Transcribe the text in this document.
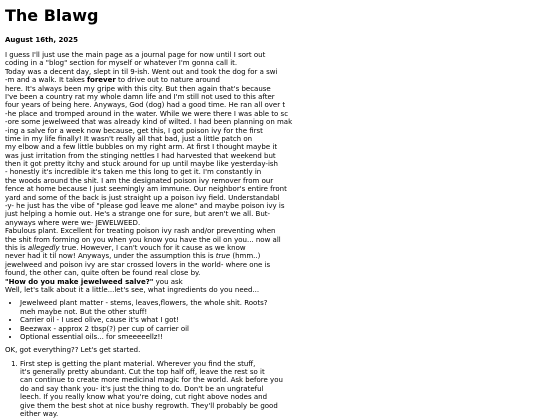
The Blawg
August 16th, 2025
I guess I'll just use the main page as a journal page for now until I sort out
coding in a "blog" section for myself or whatever I'm gonna call it.
Today was a decent day, slept in til 9-ish. Went out and took the dog for a swi
-m and a walk. It takes forever to drive out to nature around
here. It's always been my gripe with this city. But then again that's because
I've been a country rat my whole damn life and I'm still not used to this after
four years of being here. Anyways, God (dog) had a good time. He ran all over t
-he place and tromped around in the water. While we were there I was able to sc
-ore some jewelweed that was already kind of wilted. I had been planning on mak
-ing a salve for a week now because, get this, I got poison ivy for the first
time in my life finally! It wasn't really all that bad, just a little patch on
my elbow and a few little bubbles on my right arm. At first I thought maybe it
was just irritation from the stinging nettles I had harvested that weekend but
then it got pretty itchy and stuck around for up until maybe like yesterday-ish
- honestly it's incredible it's taken me this long to get it. I'm constantly in
the woods around the shit. I am the designated poison ivy remover from our
fence at home because I just seemingly am immune. Our neighbor's entire front
yard and some of the back is just straight up a poison ivy field. Understandabl
-y- he just has the vibe of "please god leave me alone" and maybe poison ivy is
just helping a homie out. He's a strange one for sure, but aren't we all. But-
anyways where were we- JEWELWEED.
Fabulous plant. Excellent for treating poison ivy rash and/or preventing when
the shit from forming on you when you know you have the oil on you... now all
this is allegedly true. However, I can't vouch for it cause as we know
never had it til now! Anyways, under the assumption this is true (hmm..)
jewelweed and poison ivy are star crossed lovers in the world- where one is
found, the other can, quite often be found real close by.
"How do you make jewelweed salve?" you ask
Well, let's talk about it a little...let's see, what ingredients do you need...
• Jewelweed plant matter - stems, leaves,flowers, the whole shit. Roots?
meh maybe not. But the other stuff!
• Carrier oil - I used olive, cause it's what I got!
• Beezwax - approx 2 tbsp(?) per cup of carrier oil
• Optional essential oils... for smeeeeellz!!
OK, got everything?? Let's get started.
1. First step is getting the plant material. Wherever you find the stuff,
it's generally pretty abundant. Cut the top half off, leave the rest so it
can continue to create more medicinal magic for the world. Ask before you
do and say thank you- it's just the thing to do. Don't be an ungrateful
leech. If you really know what you're doing, cut right above nodes and
give them the best shot at nice bushy regrowth. They'll probably be good
either way.
